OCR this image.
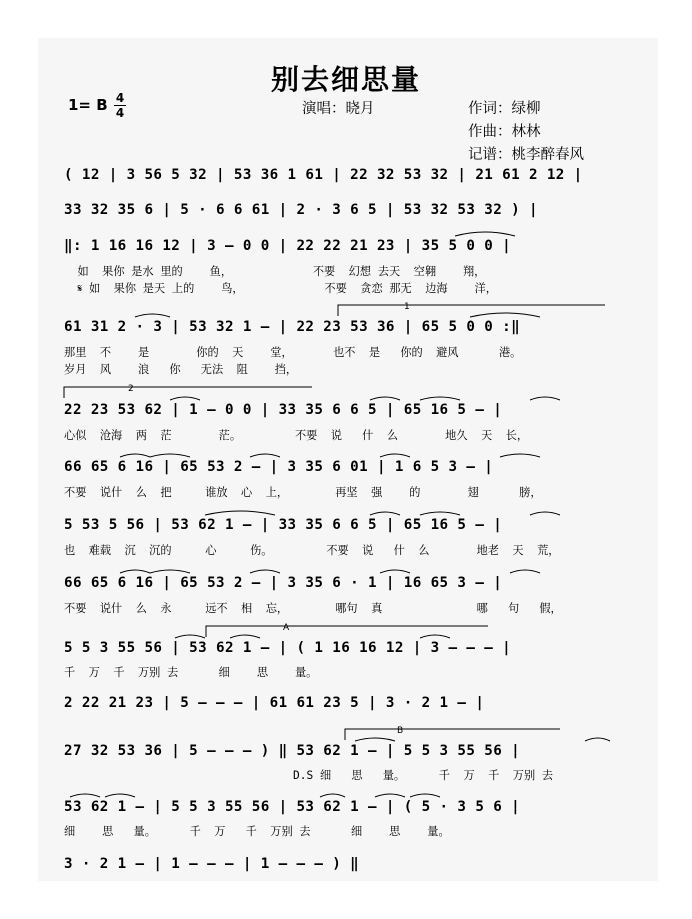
别去细思量
1= B 4
4	演唱：晓月	作词：绿柳
作曲：林林
记谱：桃李醉春风
( 12 | 3 56 5 32 | 53 36 1 61 | 22 32 53 32 | 21 61 2 12 |
33 32 35 6 | 5 · 6 6 61 | 2 · 3 6 5 | 53 32 53 32 ) |
‖: 1 16 16 12 | 3 – 0 0 | 22 22 21 23 | 35 5 0 0 |
如  果你 是水 里的    鱼，            不要  幻想 去天  空翱    翔，
𝄋 如  果你 是天 上的    鸟，            不要  贪恋 那无  边海    洋，
61 31 2 · 3 | 53 32 1 – | 22 23 53 36 | 65 5 0 0 :‖
那里  不    是       你的  天    堂，      也不  是   你的  避风      港。
岁月  风    浪   你   无法  阻    挡，
22 23 53 62 | 1 – 0 0 | 33 35 6 6 5 | 65 16 5 – |
心似  沧海  两  茫       茫。        不要  说   什  么       地久  天  长，
66 65 6 16 | 65 53 2 – | 3 35 6 01 | 1 6 5 3 – |
不要  说什  么  把     谁放  心  上，       再坚  强    的       翅      膀，
5 53 5 56 | 53 62 1 – | 33 35 6 6 5 | 65 16 5 – |
也  难载  沉  沉的     心     伤。        不要  说   什  么       地老  天  荒，
66 65 6 16 | 65 53 2 – | 3 35 6 · 1 | 16 65 3 – |
不要  说什  么  永     远不  相  忘，       哪句  真              哪   句   假，
5 5 3 55 56 | 53 62 1 – | ( 1 16 16 12 | 3 – – – |
千  万  千  万别 去      细    思    量。
2 22 21 23 | 5 – – – | 61 61 23 5 | 3 · 2 1 – |
27 32 53 36 | 5 – – – ) ‖ 53 62 1 – | 5 5 3 55 56 |
D.S 细   思   量。     千  万  千  万别 去
53 62 1 – | 5 5 3 55 56 | 53 62 1 – | ( 5 · 3 5 6 |
细    思   量。     千  万   千  万别 去      细    思    量。
3 · 2 1 – | 1 – – – | 1 – – – ) ‖
1
2
A
B
